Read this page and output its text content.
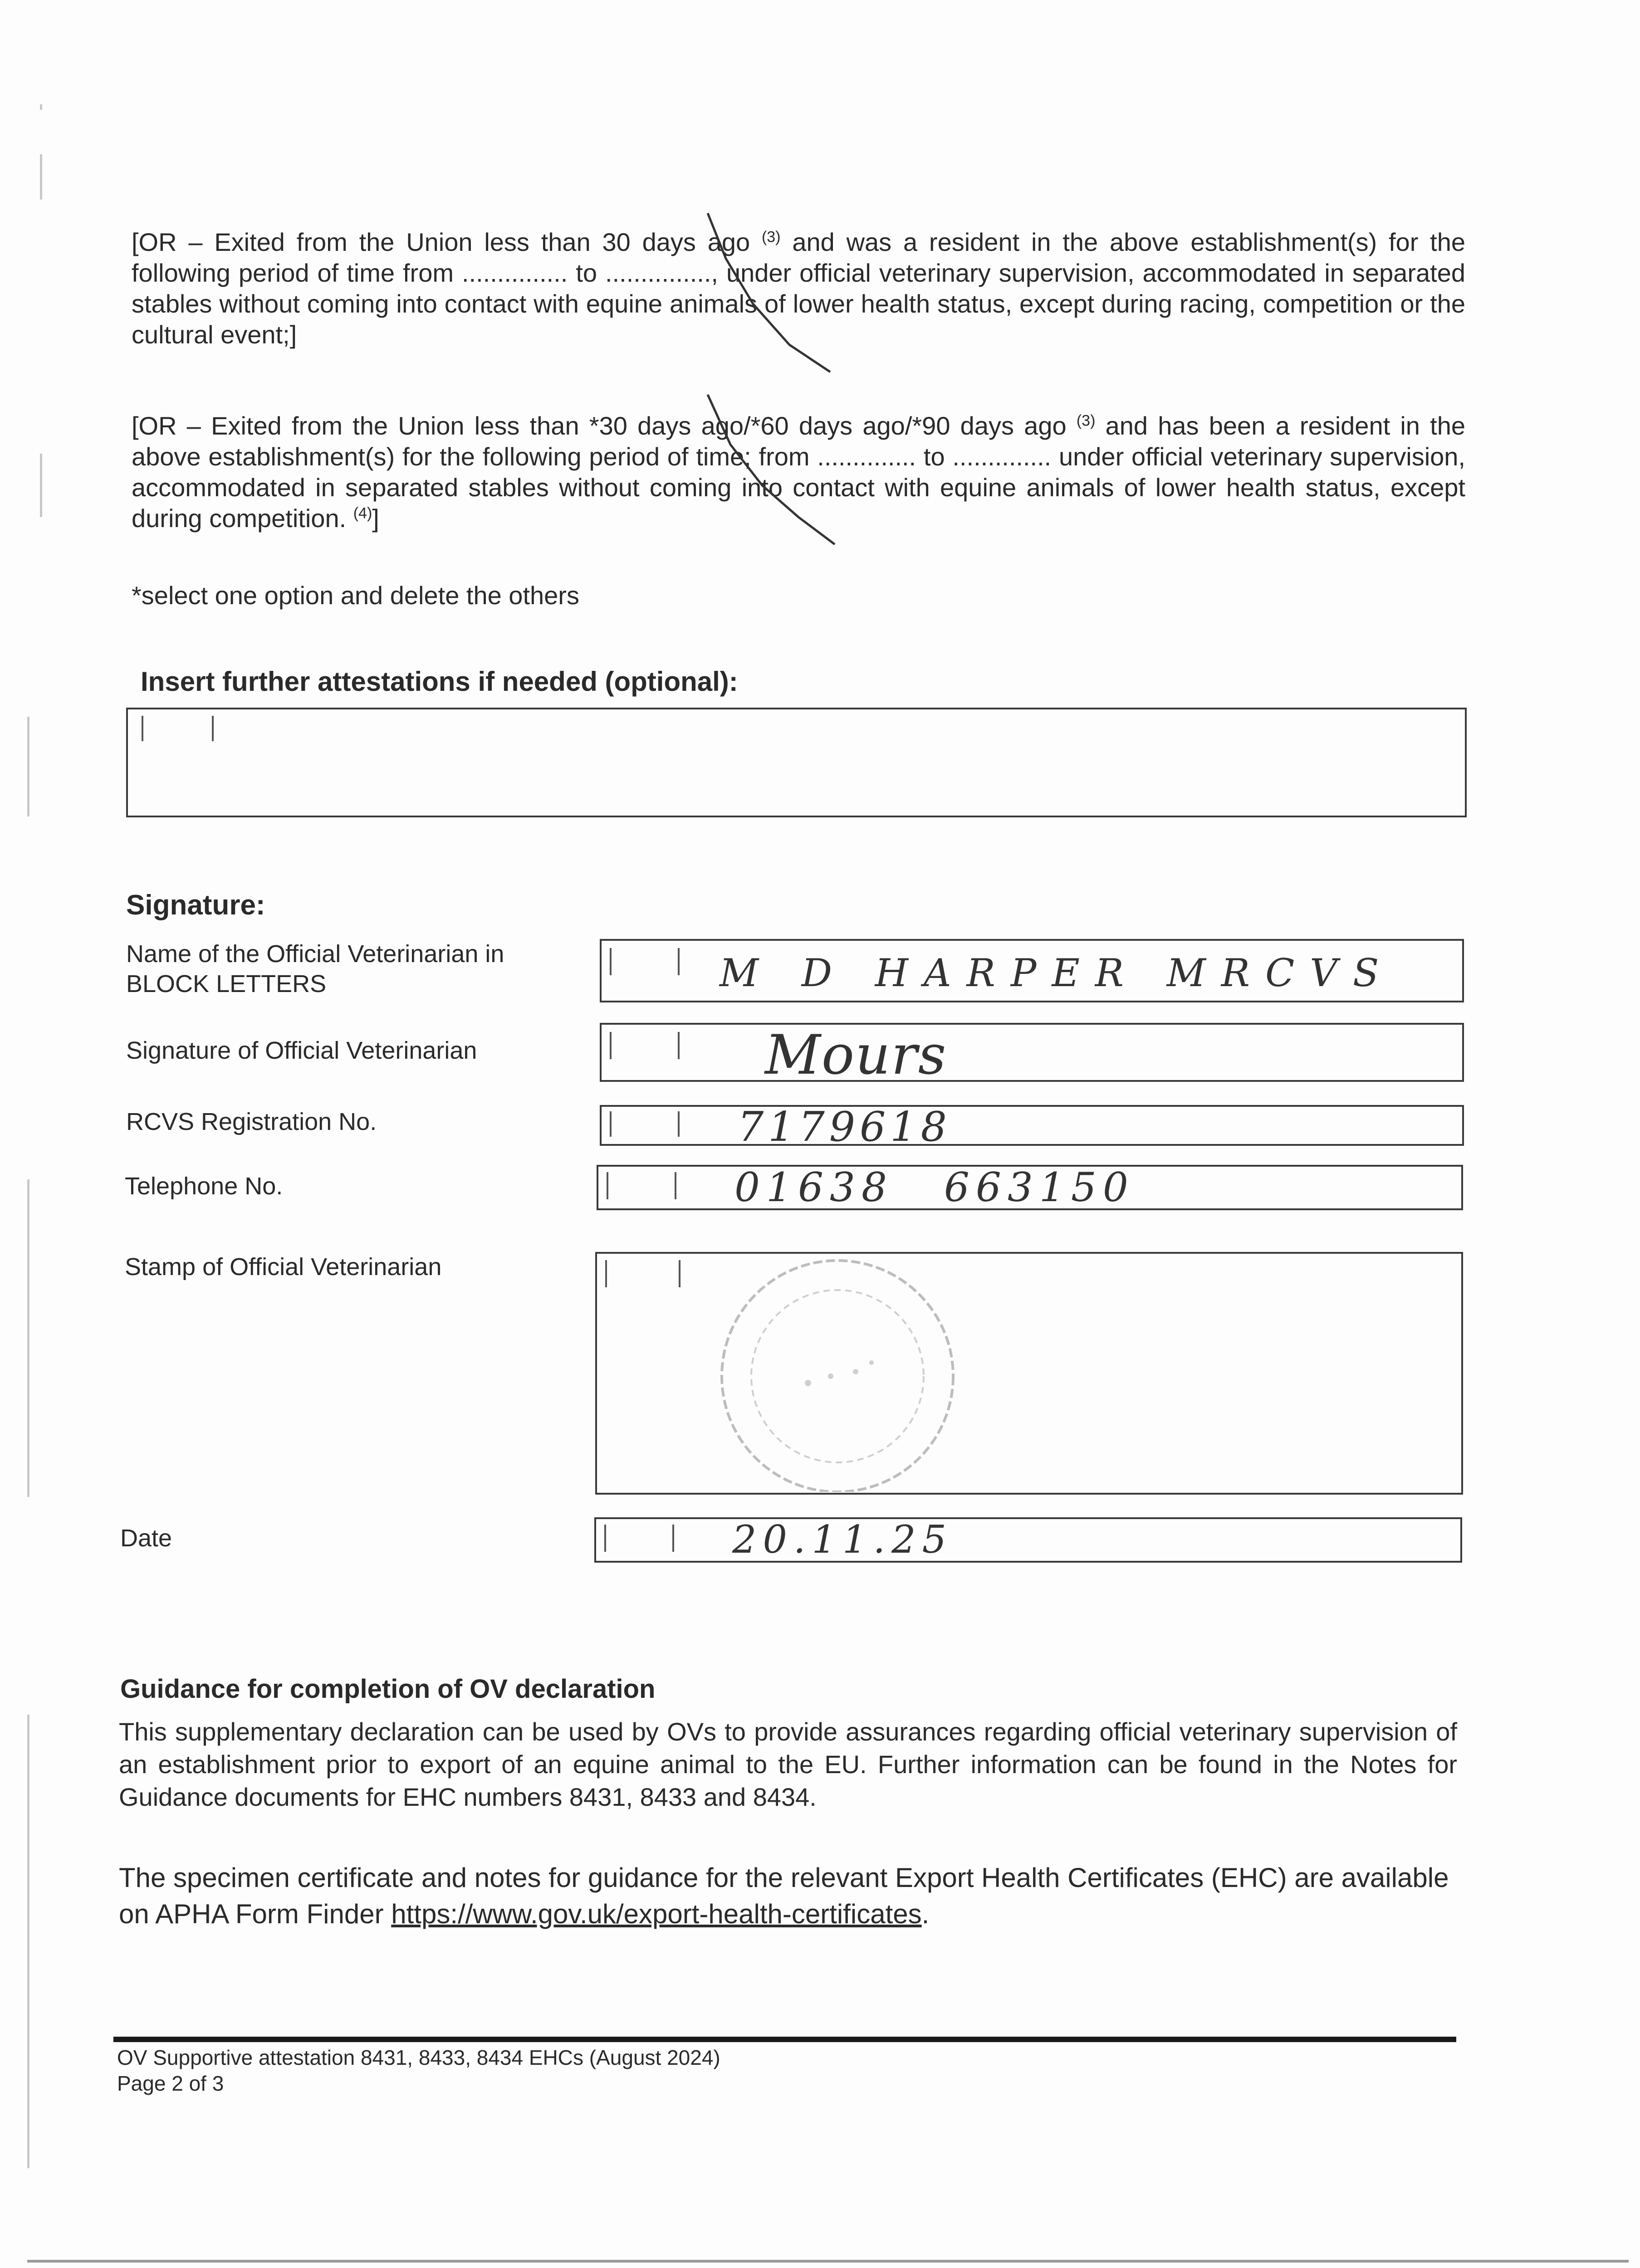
[OR – Exited from the Union less than 30 days ago $^{(3)}$ and was a resident in the above establishment(s) for the following period of time from ............... to ..............., under official veterinary supervision, accommodated in separated stables without coming into contact with equine animals of lower health status, except during racing, competition or the cultural event;]

[OR – Exited from the Union less than *30 days ago/*60 days ago/*90 days ago $^{(3)}$ and has been a resident in the above establishment(s) for the following period of time; from .............. to .............. under official veterinary supervision, accommodated in separated stables without coming into contact with equine animals of lower health status, except during competition. $^{(4)}$]

*select one option and delete the others
Insert further attestations if needed (optional):
Signature:
Name of the Official Veterinarian in BLOCK LETTERS	M D HARPER MRCVS
Signature of Official Veterinarian	Mours
RCVS Registration No.	7179618
Telephone No.	01638 663150
Stamp of Official Veterinarian
Date	20.11.25
Guidance for completion of OV declaration

This supplementary declaration can be used by OVs to provide assurances regarding official veterinary supervision of an establishment prior to export of an equine animal to the EU. Further information can be found in the Notes for Guidance documents for EHC numbers 8431, 8433 and 8434.

The specimen certificate and notes for guidance for the relevant Export Health Certificates (EHC) are available on APHA Form Finder https://www.gov.uk/export-health-certificates.

OV Supportive attestation 8431, 8433, 8434 EHCs (August 2024)
Page 2 of 3
